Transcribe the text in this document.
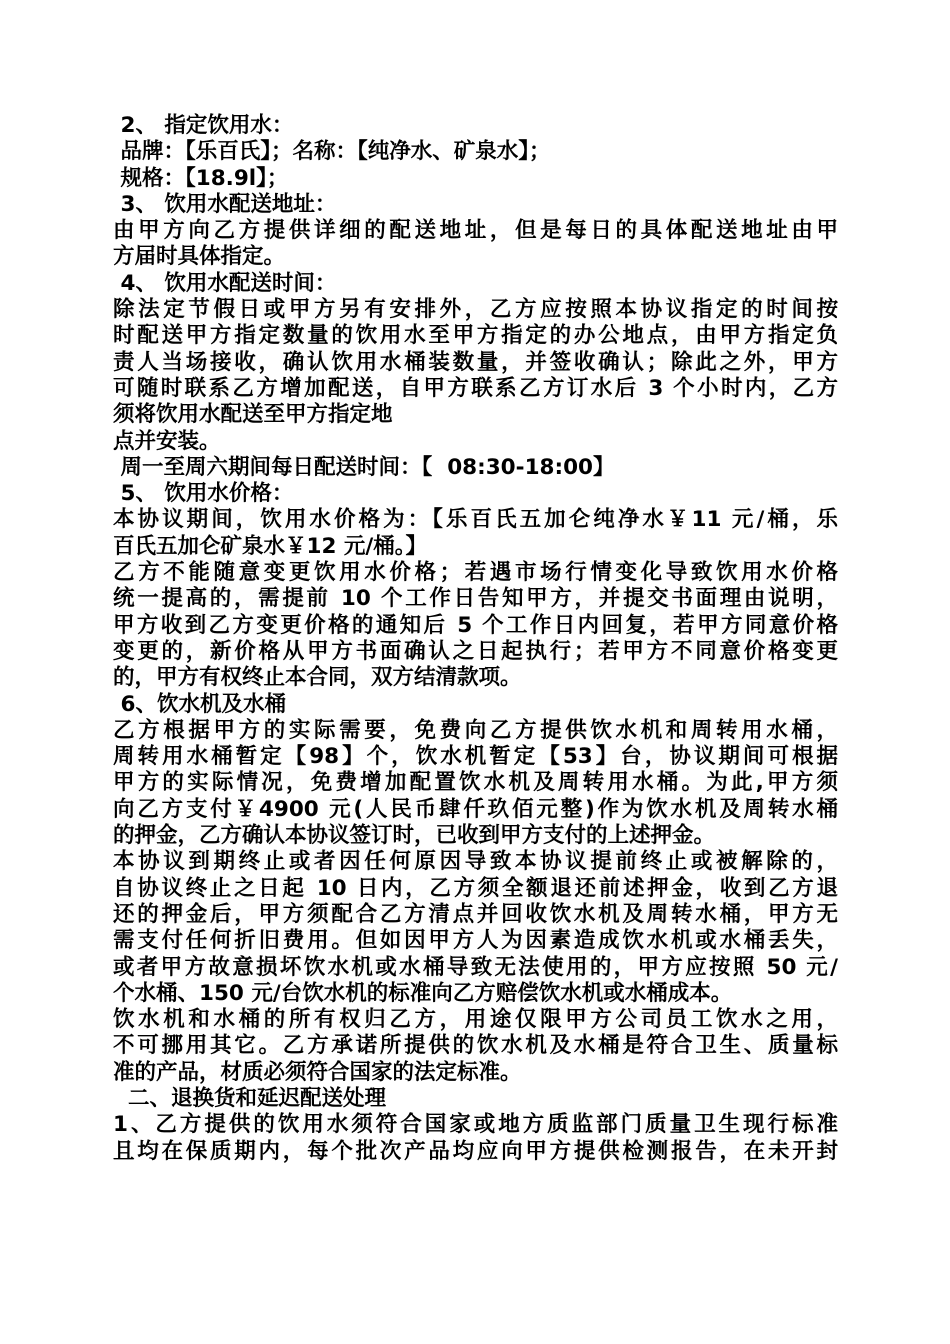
2、 指定饮用水：
品牌：【乐百氏】；名称：【纯净水、矿泉水】；
规格：【18.9l】；
3、 饮用水配送地址：
由甲方向乙方提供详细的配送地址，但是每日的具体配送地址由甲
方届时具体指定。
4、 饮用水配送时间：
除法定节假日或甲方另有安排外，乙方应按照本协议指定的时间按
时配送甲方指定数量的饮用水至甲方指定的办公地点，由甲方指定负
责人当场接收，确认饮用水桶装数量，并签收确认；除此之外，甲方
可随时联系乙方增加配送，自甲方联系乙方订水后 3 个小时内，乙方
须将饮用水配送至甲方指定地
点并安装。
周一至周六期间每日配送时间：【  08:30-18:00】
5、 饮用水价格：
本协议期间，饮用水价格为：【乐百氏五加仑纯净水￥11 元/桶，乐
百氏五加仑矿泉水￥12 元/桶。】
乙方不能随意变更饮用水价格；若遇市场行情变化导致饮用水价格
统一提高的，需提前 10 个工作日告知甲方，并提交书面理由说明，
甲方收到乙方变更价格的通知后 5 个工作日内回复，若甲方同意价格
变更的，新价格从甲方书面确认之日起执行；若甲方不同意价格变更
的，甲方有权终止本合同，双方结清款项。
6、饮水机及水桶
乙方根据甲方的实际需要，免费向乙方提供饮水机和周转用水桶，
周转用水桶暂定【98】个，饮水机暂定【53】台，协议期间可根据
甲方的实际情况，免费增加配置饮水机及周转用水桶。为此,甲方须
向乙方支付￥4900 元(人民币肆仟玖佰元整)作为饮水机及周转水桶
的押金，乙方确认本协议签订时，已收到甲方支付的上述押金。
本协议到期终止或者因任何原因导致本协议提前终止或被解除的，
自协议终止之日起 10 日内，乙方须全额退还前述押金，收到乙方退
还的押金后，甲方须配合乙方清点并回收饮水机及周转水桶，甲方无
需支付任何折旧费用。但如因甲方人为因素造成饮水机或水桶丢失，
或者甲方故意损坏饮水机或水桶导致无法使用的，甲方应按照 50 元/
个水桶、150 元/台饮水机的标准向乙方赔偿饮水机或水桶成本。
饮水机和水桶的所有权归乙方，用途仅限甲方公司员工饮水之用，
不可挪用其它。乙方承诺所提供的饮水机及水桶是符合卫生、质量标
准的产品，材质必须符合国家的法定标准。
二、退换货和延迟配送处理
1、乙方提供的饮用水须符合国家或地方质监部门质量卫生现行标准
且均在保质期内，每个批次产品均应向甲方提供检测报告，在未开封
